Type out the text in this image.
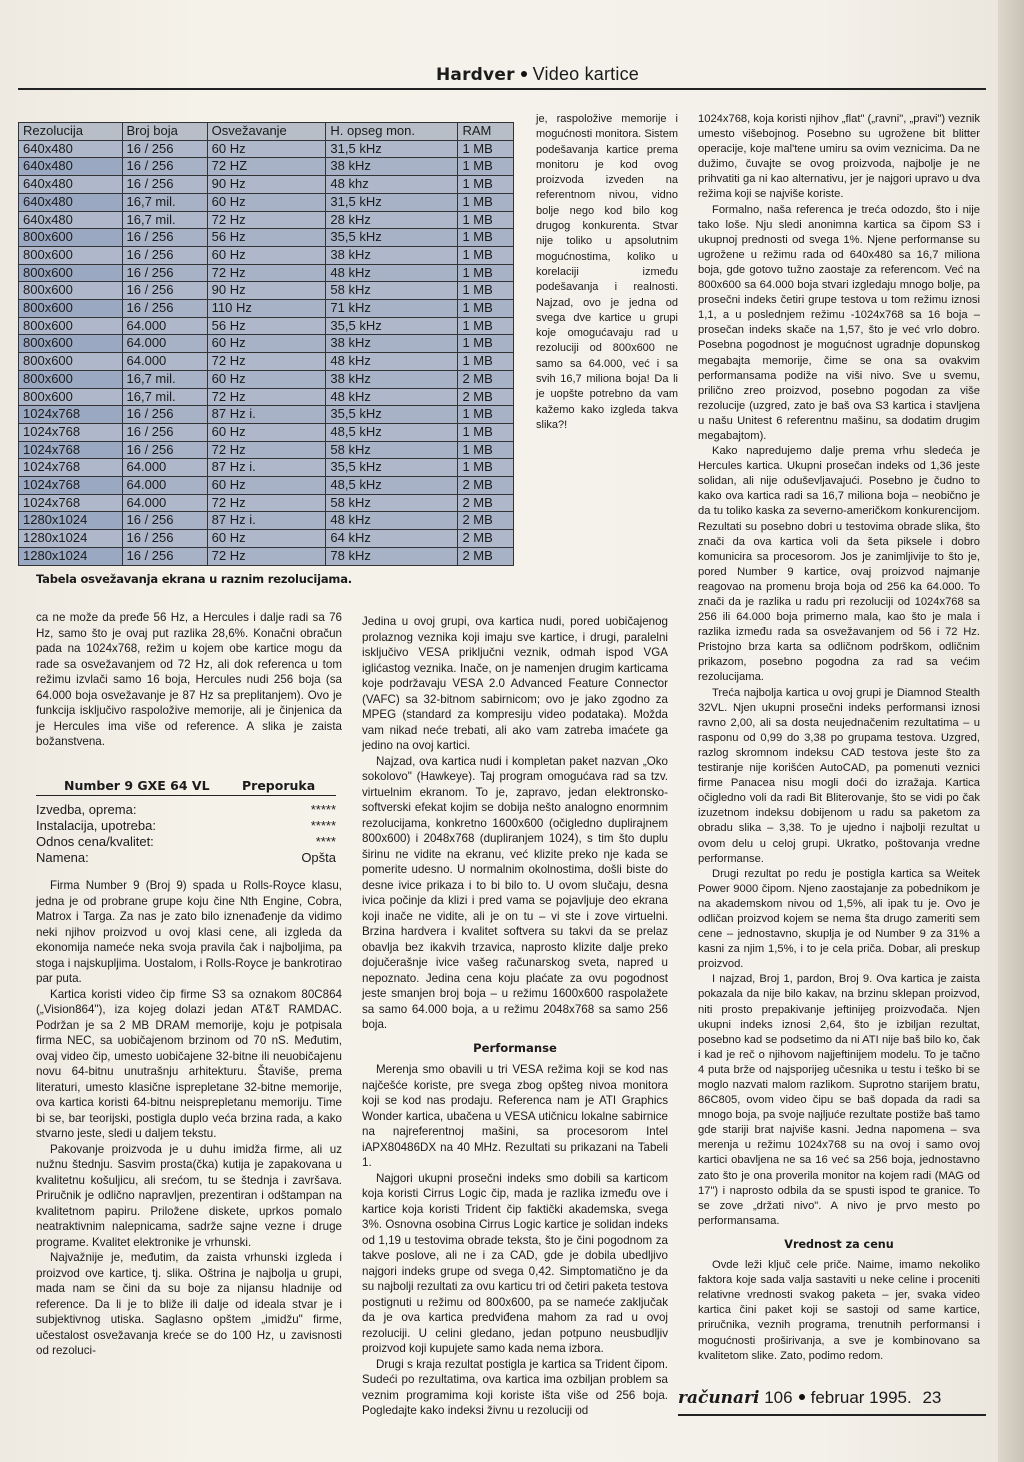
Hardver Video kartice
Rezolucija	Broj boja	Osvežavanje	H. opseg mon.	RAM
640x480	16 / 256	60 Hz	31,5 kHz	1 MB
640x480	16 / 256	72 HZ	38 kHz	1 MB
640x480	16 / 256	90 Hz	48 khz	1 MB
640x480	16,7 mil.	60 Hz	31,5 kHz	1 MB
640x480	16,7 mil.	72 Hz	28 kHz	1 MB
800x600	16 / 256	56 Hz	35,5 kHz	1 MB
800x600	16 / 256	60 Hz	38 kHz	1 MB
800x600	16 / 256	72 Hz	48 kHz	1 MB
800x600	16 / 256	90 Hz	58 kHz	1 MB
800x600	16 / 256	110 Hz	71 kHz	1 MB
800x600	64.000	56 Hz	35,5 kHz	1 MB
800x600	64.000	60 Hz	38 kHz	1 MB
800x600	64.000	72 Hz	48 kHz	1 MB
800x600	16,7 mil.	60 Hz	38 kHz	2 MB
800x600	16,7 mil.	72 Hz	48 kHz	2 MB
1024x768	16 / 256	87 Hz i.	35,5 kHz	1 MB
1024x768	16 / 256	60 Hz	48,5 kHz	1 MB
1024x768	16 / 256	72 Hz	58 kHz	1 MB
1024x768	64.000	87 Hz i.	35,5 kHz	1 MB
1024x768	64.000	60 Hz	48,5 kHz	2 MB
1024x768	64.000	72 Hz	58 kHz	2 MB
1280x1024	16 / 256	87 Hz i.	48 kHz	2 MB
1280x1024	16 / 256	60 Hz	64 kHz	2 MB
1280x1024	16 / 256	72 Hz	78 kHz	2 MB
Tabela osvežavanja ekrana u raznim rezolucijama.

ca ne može da pređe 56 Hz, a Hercules i dalje radi sa 76 Hz, samo što je ovaj put razlika 28,6%. Konačni obračun pada na 1024x768, režim u kojem obe kartice mogu da rade sa osvežavanjem od 72 Hz, ali dok referenca u tom režimu izvlači samo 16 boja, Hercules nudi 256 boja (sa 64.000 boja osvežavanje je 87 Hz sa preplitanjem). Ovo je funkcija isključivo raspoložive memorije, ali je činjenica da je Hercules ima više od reference. A slika je zaista božanstvena.

Number 9 GXE 64 VL	Preporuka
Izvedba, oprema:	*****
Instalacija, upotreba:	*****
Odnos cena/kvalitet:	****
Namena:	Opšta

Firma Number 9 (Broj 9) spada u Rolls-Royce klasu, jedna je od probrane grupe koju čine Nth Engine, Cobra, Matrox i Targa. Za nas je zato bilo iznenađenje da vidimo neki njihov proizvod u ovoj klasi cene, ali izgleda da ekonomija nameće neka svoja pravila čak i najboljima, pa stoga i najskupljima. Uostalom, i Rolls-Royce je bankrotirao par puta.

Kartica koristi video čip firme S3 sa oznakom 80C864 („Vision864"), iza kojeg dolazi jedan AT&T RAMDAC. Podržan je sa 2 MB DRAM memorije, koju je potpisala firma NEC, sa uobičajenom brzinom od 70 nS. Međutim, ovaj video čip, umesto uobičajene 32-bitne ili neuobičajenu novu 64-bitnu unutrašnju arhitekturu. Štaviše, prema literaturi, umesto klasične isprepletane 32-bitne memorije, ova kartica koristi 64-bitnu neisprepletanu memoriju. Time bi se, bar teorijski, postigla duplo veća brzina rada, a kako stvarno jeste, sledi u daljem tekstu.

Pakovanje proizvoda je u duhu imidža firme, ali uz nužnu štednju. Sasvim prosta(čka) kutija je zapakovana u kvalitetnu košuljicu, ali srećom, tu se štednja i završava. Priručnik je odlično napravljen, prezentiran i odštampan na kvalitetnom papiru. Priložene diskete, uprkos pomalo neatraktivnim nalepnicama, sadrže sajne vezne i druge programe. Kvalitet elektronike je vrhunski.

Najvažnije je, međutim, da zaista vrhunski izgleda i proizvod ove kartice, tj. slika. Oštrina je najbolja u grupi, mada nam se čini da su boje za nijansu hladnije od reference. Da li je to bliže ili dalje od ideala stvar je i subjektivnog utiska. Saglasno opštem „imidžu" firme, učestalost osvežavanja kreće se do 100 Hz, u zavisnosti od rezoluci-

Jedina u ovoj grupi, ova kartica nudi, pored uobičajenog prolaznog veznika koji imaju sve kartice, i drugi, paralelni isključivo VESA priključni veznik, odmah ispod VGA iglićastog veznika. Inače, on je namenjen drugim karticama koje podržavaju VESA 2.0 Advanced Feature Connector (VAFC) sa 32-bitnom sabirnicom; ovo je jako zgodno za MPEG (standard za kompresiju video podataka). Možda vam nikad neće trebati, ali ako vam zatreba imaćete ga jedino na ovoj kartici.

Najzad, ova kartica nudi i kompletan paket nazvan „Oko sokolovo" (Hawkeye). Taj program omogućava rad sa tzv. virtuelnim ekranom. To je, zapravo, jedan elektronsko-softverski efekat kojim se dobija nešto analogno enormnim rezolucijama, konkretno 1600x600 (očigledno duplirajnem 800x600) i 2048x768 (dupliranjem 1024), s tim što duplu širinu ne vidite na ekranu, već klizite preko nje kada se pomerite udesno. U normalnim okolnostima, došli biste do desne ivice prikaza i to bi bilo to. U ovom slučaju, desna ivica počinje da klizi i pred vama se pojavljuje deo ekrana koji inače ne vidite, ali je on tu – vi ste i zove virtuelni. Brzina hardvera i kvalitet softvera su takvi da se prelaz obavlja bez ikakvih trzavica, naprosto klizite dalje preko dojučerašnje ivice vašeg računarskog sveta, napred u nepoznato. Jedina cena koju plaćate za ovu pogodnost jeste smanjen broj boja – u režimu 1600x600 raspolažete sa samo 64.000 boja, a u režimu 2048x768 sa samo 256 boja.

Performanse

Merenja smo obavili u tri VESA režima koji se kod nas najčešće koriste, pre svega zbog opšteg nivoa monitora koji se kod nas prodaju. Referenca nam je ATI Graphics Wonder kartica, ubačena u VESA utičnicu lokalne sabirnice na najreferentnoj mašini, sa procesorom Intel iAPX80486DX na 40 MHz. Rezultati su prikazani na Tabeli 1.

Najgori ukupni prosečni indeks smo dobili sa karticom koja koristi Cirrus Logic čip, mada je razlika između ove i kartice koja koristi Trident čip faktički akademska, svega 3%. Osnovna osobina Cirrus Logic kartice je solidan indeks od 1,19 u testovima obrade teksta, što je čini pogodnom za takve poslove, ali ne i za CAD, gde je dobila ubedljivo najgori indeks grupe od svega 0,42. Simptomatično je da su najbolji rezultati za ovu karticu tri od četiri paketa testova postignuti u režimu od 800x600, pa se nameće zaključak da je ova kartica predviđena mahom za rad u ovoj rezoluciji. U celini gledano, jedan potpuno neusbudljiv proizvod koji kupujete samo kada nema izbora.

Drugi s kraja rezultat postigla je kartica sa Trident čipom. Sudeći po rezultatima, ova kartica ima ozbiljan problem sa veznim programima koji koriste išta više od 256 boja. Pogledajte kako indeksi živnu u rezoluciji od

je, raspoložive memorije i mogućnosti monitora. Sistem podešavanja kartice prema monitoru je kod ovog proizvoda izveden na referentnom nivou, vidno bolje nego kod bilo kog drugog konkurenta. Stvar nije toliko u apsolutnim mogućnostima, koliko u korelaciji između podešavanja i realnosti. Najzad, ovo je jedna od svega dve kartice u grupi koje omogućavaju rad u rezoluciji od 800x600 ne samo sa 64.000, već i sa svih 16,7 miliona boja! Da li je uopšte potrebno da vam kažemo kako izgleda takva slika?!

1024x768, koja koristi njihov „flat" („ravni", „pravi") veznik umesto višebojnog. Posebno su ugrožene bit blitter operacije, koje mal'tene umiru sa ovim veznicima. Da ne dužimo, čuvajte se ovog proizvoda, najbolje je ne prihvatiti ga ni kao alternativu, jer je najgori upravo u dva režima koji se najviše koriste.

Formalno, naša referenca je treća odozdo, što i nije tako loše. Nju sledi anonimna kartica sa čipom S3 i ukupnoj prednosti od svega 1%. Njene performanse su ugrožene u režimu rada od 640x480 sa 16,7 miliona boja, gde gotovo tužno zaostaje za referencom. Već na 800x600 sa 64.000 boja stvari izgledaju mnogo bolje, pa prosečni indeks četiri grupe testova u tom režimu iznosi 1,1, a u poslednjem režimu -1024x768 sa 16 boja – prosečan indeks skače na 1,57, što je već vrlo dobro. Posebna pogodnost je mogućnost ugradnje dopunskog megabajta memorije, čime se ona sa ovakvim performansama podiže na viši nivo. Sve u svemu, prilično zreo proizvod, posebno pogodan za više rezolucije (uzgred, zato je baš ova S3 kartica i stavljena u našu Unitest 6 referentnu mašinu, sa dodatim drugim megabajtom).

Kako napredujemo dalje prema vrhu sledeća je Hercules kartica. Ukupni prosečan indeks od 1,36 jeste solidan, ali nije oduševljavajući. Posebno je čudno to kako ova kartica radi sa 16,7 miliona boja – neobično je da tu toliko kaska za severno-američkom konkurencijom. Rezultati su posebno dobri u testovima obrade slika, što znači da ova kartica voli da šeta piksele i dobro komunicira sa procesorom. Jos je zanimljivije to što je, pored Number 9 kartice, ovaj proizvod najmanje reagovao na promenu broja boja od 256 ka 64.000. To znači da je razlika u radu pri rezoluciji od 1024x768 sa 256 ili 64.000 boja primerno mala, kao što je mala i razlika između rada sa osvežavanjem od 56 i 72 Hz. Pristojno brza karta sa odličnom podrškom, odličnim prikazom, posebno pogodna za rad sa većim rezolucijama.

Treća najbolja kartica u ovoj grupi je Diamnod Stealth 32VL. Njen ukupni prosečni indeks performansi iznosi ravno 2,00, ali sa dosta neujednačenim rezultatima – u rasponu od 0,99 do 3,38 po grupama testova. Uzgred, razlog skromnom indeksu CAD testova jeste što za testiranje nije korišćen AutoCAD, pa pomenuti veznici firme Panacea nisu mogli doći do izražaja. Kartica očigledno voli da radi Bit Bliterovanje, što se vidi po čak izuzetnom indeksu dobijenom u radu sa paketom za obradu slika – 3,38. To je ujedno i najbolji rezultat u ovom delu u celoj grupi. Ukratko, poštovanja vredne performanse.

Drugi rezultat po redu je postigla kartica sa Weitek Power 9000 čipom. Njeno zaostajanje za pobednikom je na akademskom nivou od 1,5%, ali ipak tu je. Ovo je odličan proizvod kojem se nema šta drugo zameriti sem cene – jednostavno, skuplja je od Number 9 za 31% a kasni za njim 1,5%, i to je cela priča. Dobar, ali preskup proizvod.

I najzad, Broj 1, pardon, Broj 9. Ova kartica je zaista pokazala da nije bilo kakav, na brzinu sklepan proizvod, niti prosto prepakivanje jeftinijeg proizvođača. Njen ukupni indeks iznosi 2,64, što je izbiljan rezultat, posebno kad se podsetimo da ni ATI nije baš bilo ko, čak i kad je reč o njihovom najjeftinijem modelu. To je tačno 4 puta brže od najsporijeg učesnika u testu i teško bi se moglo nazvati malom razlikom. Suprotno starijem bratu, 86C805, ovom video čipu se baš dopada da radi sa mnogo boja, pa svoje najljuće rezultate postiže baš tamo gde stariji brat najviše kasni. Jedna napomena – sva merenja u režimu 1024x768 su na ovoj i samo ovoj kartici obavljena ne sa 16 već sa 256 boja, jednostavno zato što je ona proverila monitor na kojem radi (MAG od 17") i naprosto odbila da se spusti ispod te granice. To se zove „držati nivo". A nivo je prvo mesto po performansama.

Vrednost za cenu

Ovde leži ključ cele priče. Naime, imamo nekoliko faktora koje sada valja sastaviti u neke celine i proceniti relativne vrednosti svakog paketa – jer, svaka video kartica čini paket koji se sastoji od same kartice, priručnika, veznih programa, trenutnih performansi i mogućnosti proširivanja, a sve je kombinovano sa kvalitetom slike. Zato, podimo redom.

računari 106 februar 1995. 23
